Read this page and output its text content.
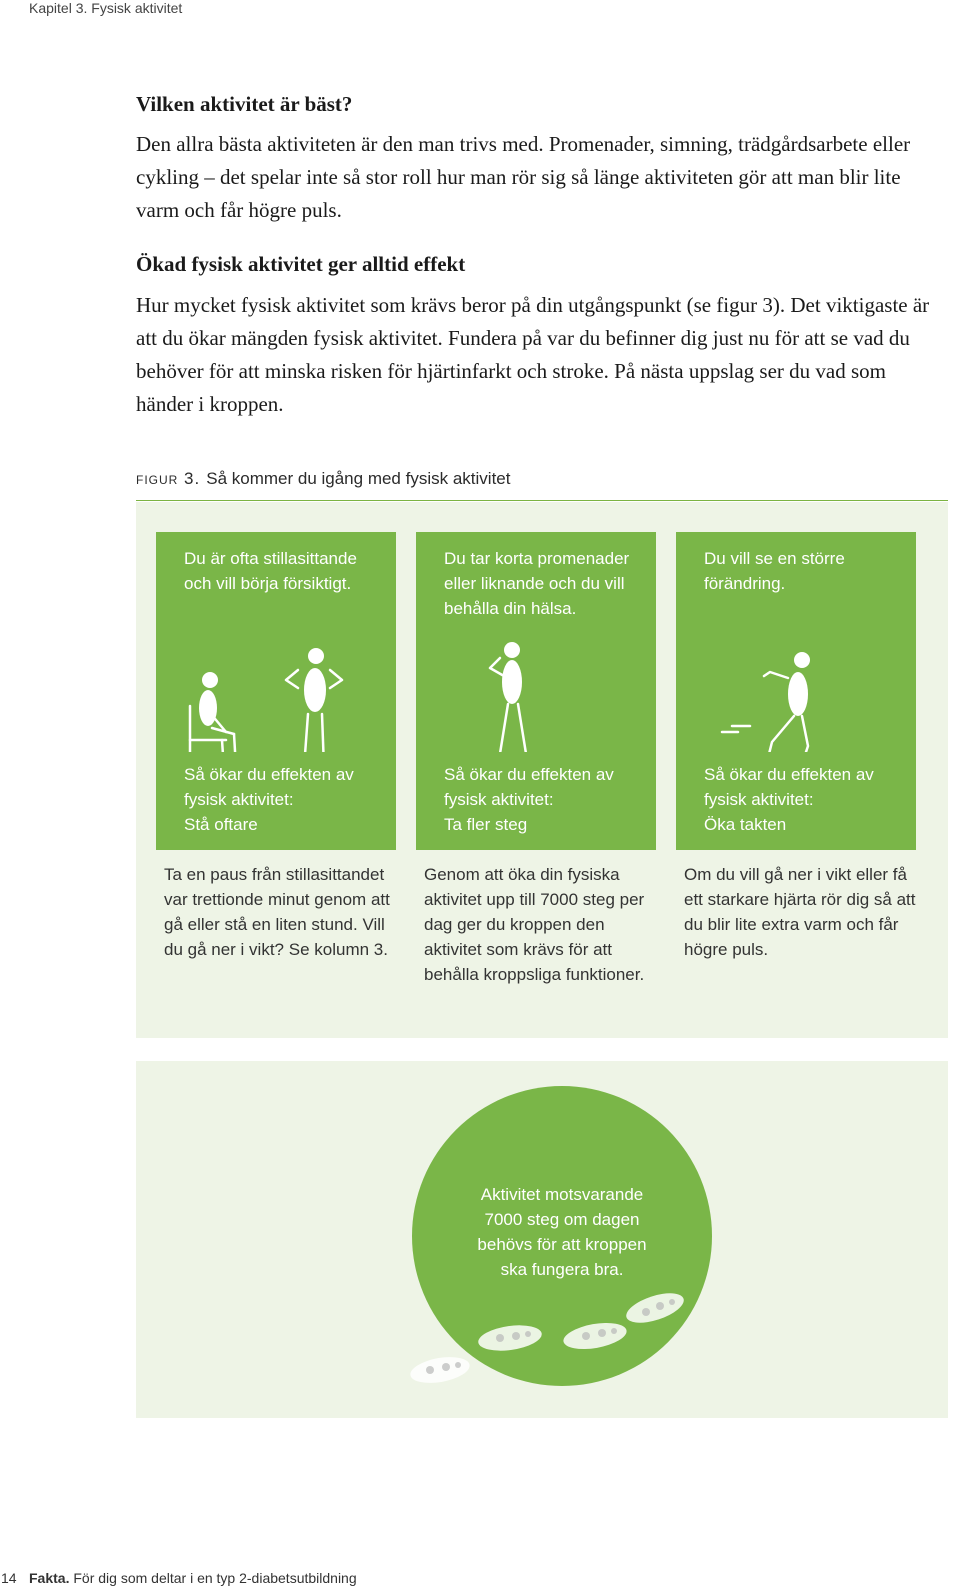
Kapitel 3. Fysisk aktivitet
Vilken aktivitet är bäst?
Den allra bästa aktiviteten är den man trivs med. Promenader, simning, trädgårdsarbete eller cykling – det spelar inte så stor roll hur man rör sig så länge aktiviteten gör att man blir lite varm och får högre puls.
Ökad fysisk aktivitet ger alltid effekt
Hur mycket fysisk aktivitet som krävs beror på din utgångspunkt (se figur 3). Det viktigaste är att du ökar mängden fysisk aktivitet. Fundera på var du befinner dig just nu för att se vad du behöver för att minska risken för hjärtinfarkt och stroke. På nästa uppslag ser du vad som händer i kroppen.
figur 3. Så kommer du igång med fysisk aktivitet
Du är ofta stillasittande och vill börja försiktigt.
Så ökar du effekten av fysisk aktivitet:
Stå oftare
Du tar korta promenader eller liknande och du vill behålla din hälsa.
Så ökar du effekten av fysisk aktivitet:
Ta fler steg
Du vill se en större förändring.
Så ökar du effekten av fysisk aktivitet:
Öka takten
Ta en paus från stillasittandet var trettionde minut genom att gå eller stå en liten stund. Vill du gå ner i vikt? Se kolumn 3.
Genom att öka din fysiska aktivitet upp till 7000 steg per dag ger du kroppen den aktivitet som krävs för att behålla kroppsliga funktioner.
Om du vill gå ner i vikt eller få ett starkare hjärta rör dig så att du blir lite extra varm och får högre puls.
Aktivitet motsvarande 7000 steg om dagen behövs för att kroppen ska fungera bra.
14 Fakta. För dig som deltar i en typ 2-diabetsutbildning
